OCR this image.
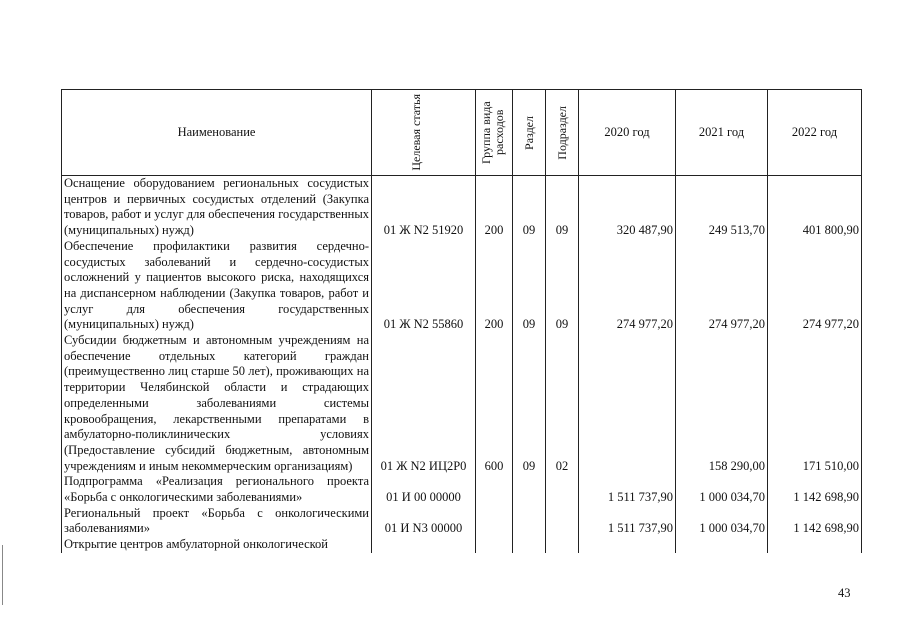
Наименование	Целевая статья	Группа вида расходов	Раздел	Подраздел	2020 год	2021 год	2022 год
Оснащение оборудованием региональных сосудистых центров и первичных сосудистых отделений (Закупка товаров, работ и услуг для обеспечения государственных (муниципальных) нужд)	01 Ж N2 51920	200	09	09	320 487,90	249 513,70	401 800,90
Обеспечение профилактики развития сердечно-сосудистых заболеваний и сердечно-сосудистых осложнений у пациентов высокого риска, находящихся на диспансерном наблюдении (Закупка товаров, работ и услуг для обеспечения государственных (муниципальных) нужд)	01 Ж N2 55860	200	09	09	274 977,20	274 977,20	274 977,20
Субсидии бюджетным и автономным учреждениям на обеспечение отдельных категорий граждан (преимущественно лиц старше 50 лет), проживающих на территории Челябинской области и страдающих определенными заболеваниями системы кровообращения, лекарственными препаратами в амбулаторно-поликлинических условиях (Предоставление субсидий бюджетным, автономным учреждениям и иным некоммерческим организациям)	01 Ж N2 ИЦ2Р0	600	09	02		158 290,00	171 510,00
Подпрограмма «Реализация регионального проекта «Борьба с онкологическими заболеваниями»	01 И 00 00000				1 511 737,90	1 000 034,70	1 142 698,90
Региональный проект «Борьба с онкологическими заболеваниями»	01 И N3 00000				1 511 737,90	1 000 034,70	1 142 698,90
Открытие центров амбулаторной онкологической							
43
